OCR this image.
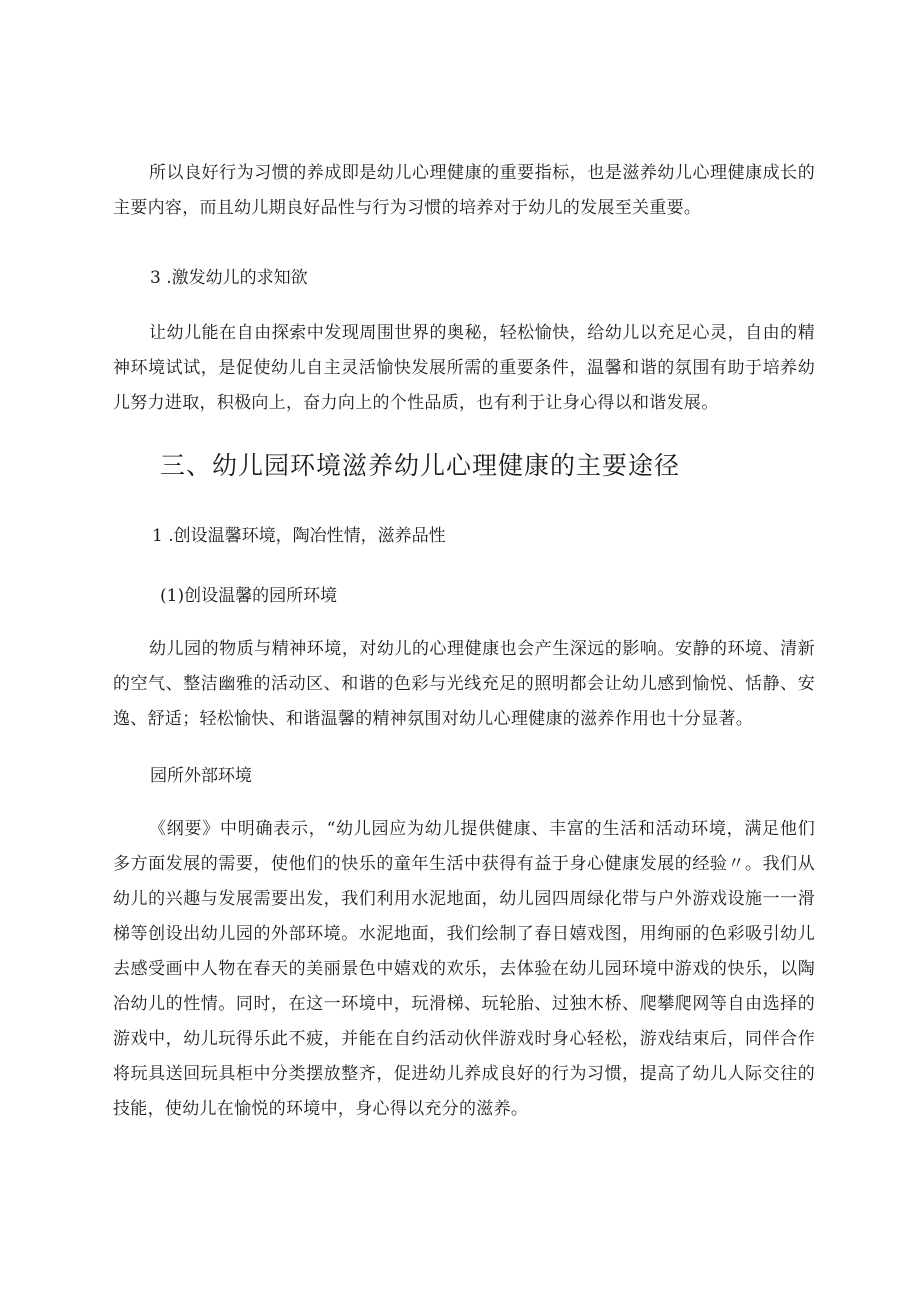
所以良好行为习惯的养成即是幼儿心理健康的重要指标，也是滋养幼儿心理健康成长的主要内容，而且幼儿期良好品性与行为习惯的培养对于幼儿的发展至关重要。

3 .激发幼儿的求知欲

让幼儿能在自由探索中发现周围世界的奥秘，轻松愉快，给幼儿以充足心灵，自由的精神环境试试，是促使幼儿自主灵活愉快发展所需的重要条件，温馨和谐的氛围有助于培养幼儿努力进取，积极向上，奋力向上的个性品质，也有利于让身心得以和谐发展。

三、幼儿园环境滋养幼儿心理健康的主要途径

1 .创设温馨环境，陶冶性情，滋养品性

(1)创设温馨的园所环境

幼儿园的物质与精神环境，对幼儿的心理健康也会产生深远的影响。安静的环境、清新的空气、整洁幽雅的活动区、和谐的色彩与光线充足的照明都会让幼儿感到愉悦、恬静、安逸、舒适；轻松愉快、和谐温馨的精神氛围对幼儿心理健康的滋养作用也十分显著。

园所外部环境

《纲要》中明确表示，“幼儿园应为幼儿提供健康、丰富的生活和活动环境，满足他们多方面发展的需要，使他们的快乐的童年生活中获得有益于身心健康发展的经验〃。我们从幼儿的兴趣与发展需要出发，我们利用水泥地面，幼儿园四周绿化带与户外游戏设施一一滑梯等创设出幼儿园的外部环境。水泥地面，我们绘制了春日嬉戏图，用绚丽的色彩吸引幼儿去感受画中人物在春天的美丽景色中嬉戏的欢乐，去体验在幼儿园环境中游戏的快乐，以陶冶幼儿的性情。同时，在这一环境中，玩滑梯、玩轮胎、过独木桥、爬攀爬网等自由选择的游戏中，幼儿玩得乐此不疲，并能在自约活动伙伴游戏时身心轻松，游戏结束后，同伴合作将玩具送回玩具柜中分类摆放整齐，促进幼儿养成良好的行为习惯，提高了幼儿人际交往的技能，使幼儿在愉悦的环境中，身心得以充分的滋养。
